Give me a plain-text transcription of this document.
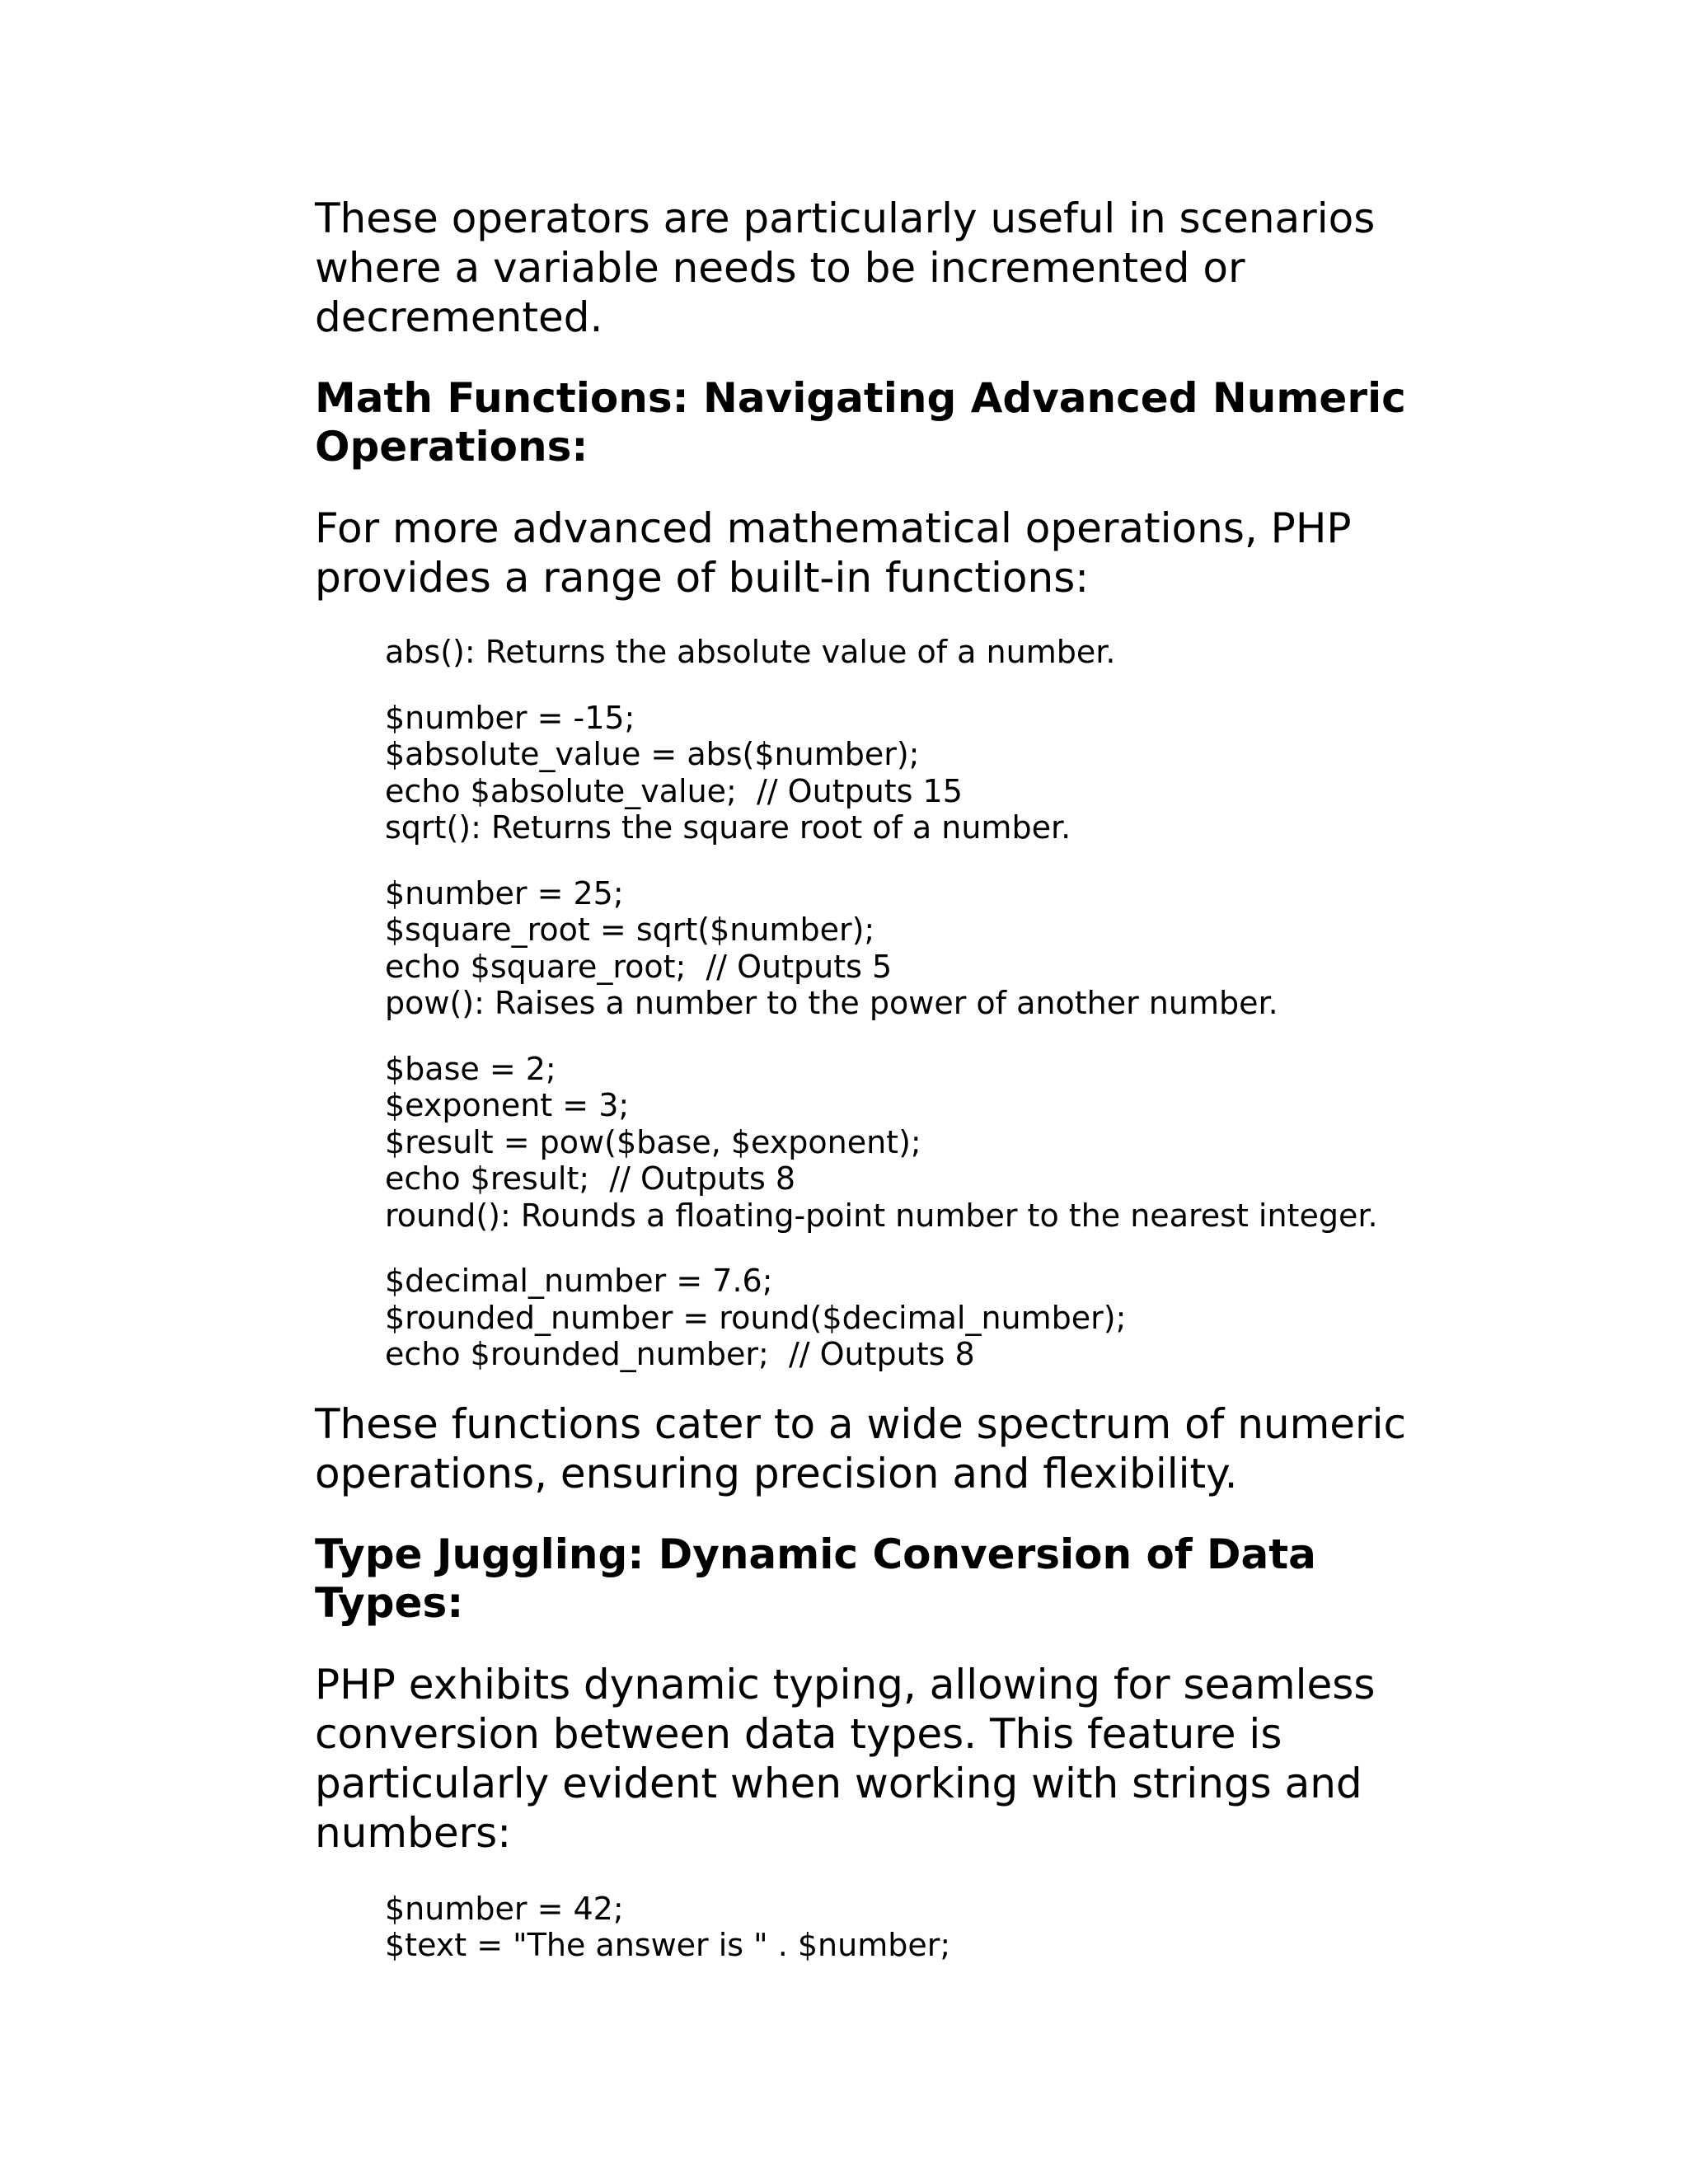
These operators are particularly useful in scenarios where a variable needs to be incremented or decremented.

Math Functions: Navigating Advanced Numeric Operations:

For more advanced mathematical operations, PHP provides a range of built-in functions:

abs(): Returns the absolute value of a number.
$number = -15;
$absolute_value = abs($number);
echo $absolute_value;  // Outputs 15
sqrt(): Returns the square root of a number.
$number = 25;
$square_root = sqrt($number);
echo $square_root;  // Outputs 5
pow(): Raises a number to the power of another number.
$base = 2;
$exponent = 3;
$result = pow($base, $exponent);
echo $result;  // Outputs 8
round(): Rounds a floating-point number to the nearest integer.
$decimal_number = 7.6;
$rounded_number = round($decimal_number);
echo $rounded_number;  // Outputs 8

These functions cater to a wide spectrum of numeric operations, ensuring precision and flexibility.

Type Juggling: Dynamic Conversion of Data Types:

PHP exhibits dynamic typing, allowing for seamless conversion between data types. This feature is particularly evident when working with strings and numbers:

$number = 42;
$text = "The answer is " . $number;
